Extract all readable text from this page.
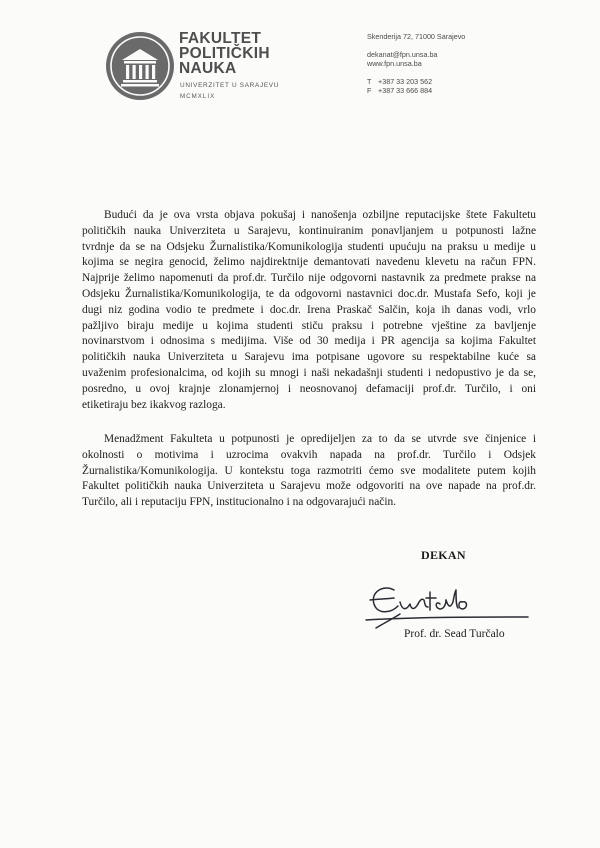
FAKULTET
POLITIČKIH
NAUKA
UNIVERZITET U SARAJEVU
MCMXLIX
Skenderija 72, 71000 Sarajevo
dekanat@fpn.unsa.ba
www.fpn.unsa.ba
T +387 33 203 562
F +387 33 666 884
Budući da je ova vrsta objava pokušaj i nanošenja ozbiljne reputacijske štete Fakultetu
političkih nauka Univerziteta u Sarajevu, kontinuiranim ponavljanjem u potpunosti lažne
tvrdnje da se na Odsjeku Žurnalistika/Komunikologija studenti upućuju na praksu u medije u
kojima se negira genocid, želimo najdirektnije demantovati navedenu klevetu na račun FPN.
Najprije želimo napomenuti da prof.dr. Turčilo nije odgovorni nastavnik za predmete prakse na
Odsjeku Žurnalistika/Komunikologija, te da odgovorni nastavnici doc.dr. Mustafa Sefo, koji je
dugi niz godina vodio te predmete i doc.dr. Irena Praskač Salčin, koja ih danas vodi, vrlo
pažljivo biraju medije u kojima studenti stiču praksu i potrebne vještine za bavljenje
novinarstvom i odnosima s medijima. Više od 30 medija i PR agencija sa kojima Fakultet
političkih nauka Univerziteta u Sarajevu ima potpisane ugovore su respektabilne kuće sa
uvaženim profesionalcima, od kojih su mnogi i naši nekadašnji studenti i nedopustivo je da se,
posredno, u ovoj krajnje zlonamjernoj i neosnovanoj defamaciji prof.dr. Turčilo, i oni
etiketiraju bez ikakvog razloga.
Menadžment Fakulteta u potpunosti je opredijeljen za to da se utvrde sve činjenice i
okolnosti o motivima i uzrocima ovakvih napada na prof.dr. Turčilo i Odsjek
Žurnalistika/Komunikologija. U kontekstu toga razmotriti ćemo sve modalitete putem kojih
Fakultet političkih nauka Univerziteta u Sarajevu može odgovoriti na ove napade na prof.dr.
Turčilo, ali i reputaciju FPN, institucionalno i na odgovarajući način.
DEKAN
Prof. dr. Sead Turčalo
